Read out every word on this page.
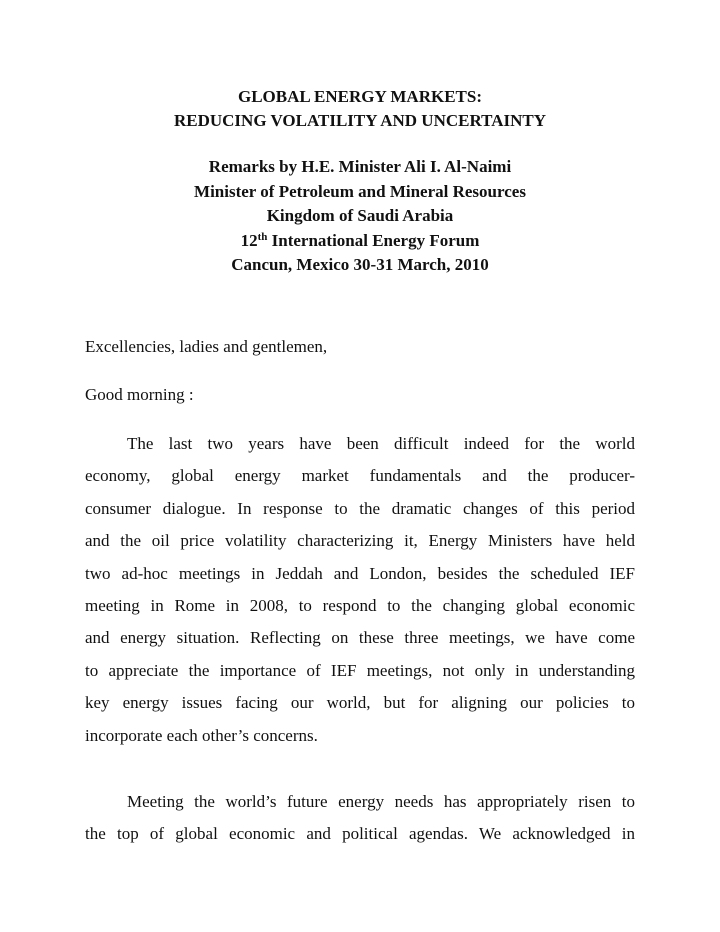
GLOBAL ENERGY MARKETS:
REDUCING VOLATILITY AND UNCERTAINTY
Remarks by H.E. Minister Ali I. Al-Naimi
Minister of Petroleum and Mineral Resources
Kingdom of Saudi Arabia
12th International Energy Forum
Cancun, Mexico 30-31 March, 2010
Excellencies, ladies and gentlemen,
Good morning :
The last two years have been difficult indeed for the world
economy, global energy market fundamentals and the producer-
consumer dialogue. In response to the dramatic changes of this period
and the oil price volatility characterizing it, Energy Ministers have held
two ad-hoc meetings in Jeddah and London, besides the scheduled IEF
meeting in Rome in 2008, to respond to the changing global economic
and energy situation. Reflecting on these three meetings, we have come
to appreciate the importance of IEF meetings, not only in understanding
key energy issues facing our world, but for aligning our policies to
incorporate each other’s concerns.
Meeting the world’s future energy needs has appropriately risen to
the top of global economic and political agendas. We acknowledged in
